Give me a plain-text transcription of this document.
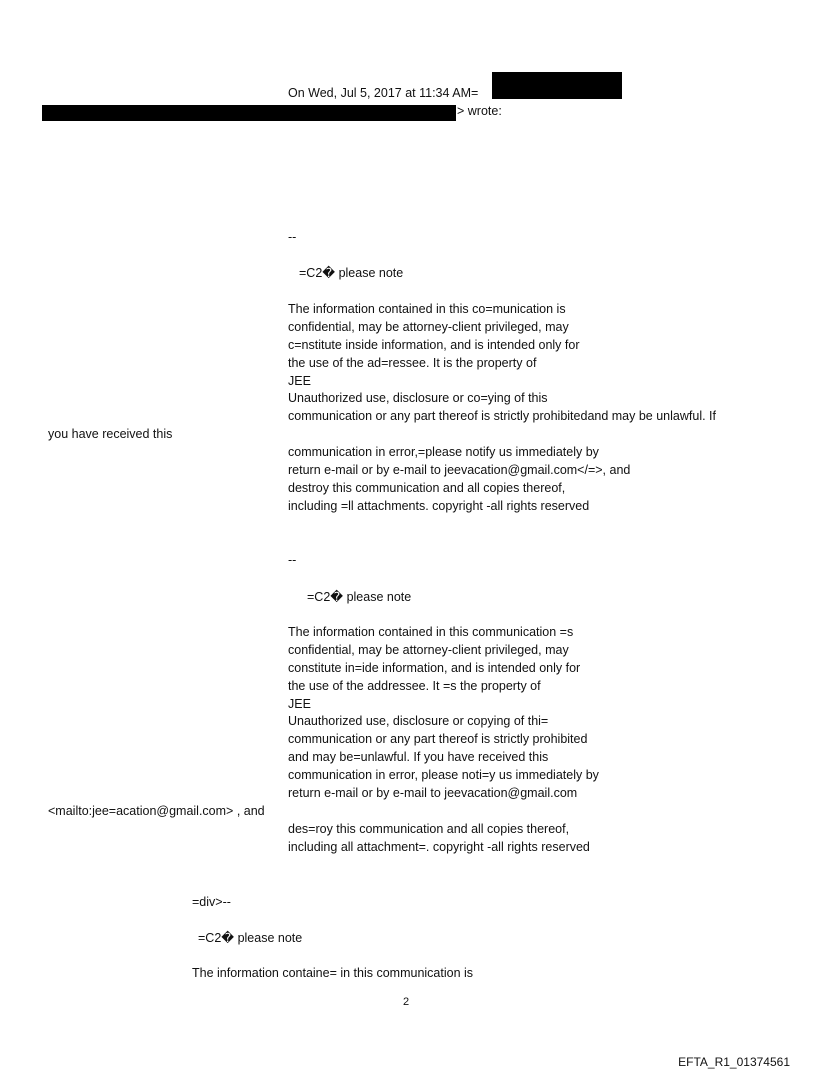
On Wed, Jul 5, 2017 at 11:34 AM=
> wrote:
--
=C2� please note
The information contained in this co=munication is
confidential, may be attorney-client privileged, may
c=nstitute inside information, and is intended only for
the use of the ad=ressee. It is the property of
JEE
Unauthorized use, disclosure or co=ying of this
communication or any part thereof is strictly prohibitedand may be unlawful. If
you have received this
communication in error,=please notify us immediately by
return e-mail or by e-mail to jeevacation@gmail.com</=>, and
destroy this communication and all copies thereof,
including =ll attachments. copyright -all rights reserved
--
=C2� please note
The information contained in this communication =s
confidential, may be attorney-client privileged, may
constitute in=ide information, and is intended only for
the use of the addressee. It =s the property of
JEE
Unauthorized use, disclosure or copying of thi=
communication or any part thereof is strictly prohibited
and may be=unlawful. If you have received this
communication in error, please noti=y us immediately by
return e-mail or by e-mail to jeevacation@gmail.com
<mailto:jee=acation@gmail.com> , and
des=roy this communication and all copies thereof,
including all attachment=. copyright -all rights reserved
=div>--
=C2� please note
The information containe= in this communication is
2
EFTA_R1_01374561
